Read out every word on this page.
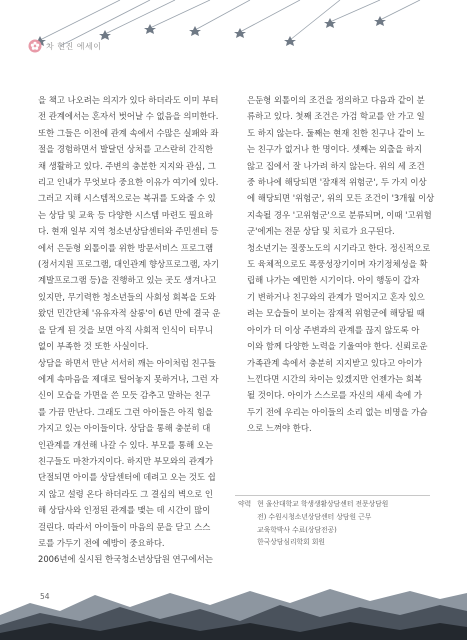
차 현진 에세이

을 책고 나오려는 의지가 있다 하더라도 이미 부터
전 관계에서는 혼자서 벗어날 수 없음을 의미한다.
또한 그들은 이전에 관계 속에서 수많은 실패와 좌
절을 경험하면서 발달던 상처를 고스란히 간직한
채 생활하고 있다. 주변의 충분한 지지와 관심, 그
리고 인내가 무엇보다 중요한 이유가 여기에 있다.
그러고 지해 시스템적으로는 복귀를 도와줄 수 있
는 상담 및 교육 등 다양한 시스템 마련도 필요하
다. 현재 일부 지역 청소년상담센터와 주민센터 등
에서 은둔형 외톨이를 위한 방문서비스 프로그램
(정서지원 프로그램, 대인관계 향상프로그램, 자기
계발프로그램 등)을 진행하고 있는 곳도 생겨나고
있지만, 무기력한 청소년들의 사회성 회복을 도와
왔던 민간단체 '유유자적 살롱'이 6년 만에 결국 운
을 닫게 된 것을 보면 아직 사회적 인식이 터무니
없이 부족한 것 또한 사실이다.

상담을 하면서 만난 서서히 깨는 아이처럼 친구들
에게 속마음을 제대로 털어놓지 못하거나, 그런 자
신이 모습을 가면을 쓴 모듯 감추고 말하는 친구
를 가끔 만난다. 그래도 그런 아이들은 아직 힘을
가지고 있는 아이들이다. 상담을 통해 충분히 대
인관계를 개선해 나갈 수 있다. 부모를 통해 오는
친구들도 마찬가지이다. 하지만 부모와의 관계가
단절되면 아이를 상담센터에 데려고 오는 것도 쉽
지 않고 설령 온다 하더라도 그 결심의 벽으로 인
해 상담사와 인정된 관계를 맺는 데 시간이 많이
걸린다. 따라서 아이들이 마음의 문을 닫고 스스
로를 가두기 전에 예방이 중요하다.

2006년에 실시된 한국청소년상담원 연구에서는

은둔형 외톨이의 조건을 정의하고 다음과 같이 분
류하고 있다. 첫째 조건은 가검 학교를 안 가고 일
도 하지 않는다. 둘째는 현재 친한 친구나 같이 노
는 친구가 없거나 한 명이다. 셋째는 외출을 하지
않고 집에서 잘 나가려 하지 않는다. 위의 세 조건
중 하나에 해당되면 '잠재적 위험군', 두 가지 이상
에 해당되면 '위험군', 위의 모든 조건이 '3개월 이상
지속될 경우 '고위험군'으로 분류되며, 이때 '고위험
군'에게는 전문 상담 및 치료가 요구된다.

청소년기는 질풍노도의 시기라고 한다. 정신적으로
도 육체적으로도 폭풍성장기이며 자기정체성을 확
립해 나가는 예민한 시기이다. 아이 행동이 갑자
기 변하거나 친구와의 관계가 멀어지고 혼자 있으
려는 모습들이 보이는 잠재적 위험군에 해당될 때
아이가 더 이상 주변과의 관계를 끊지 않도록 아
이와 함께 다양한 노력을 기울여야 한다. 신뢰로운
가족관계 속에서 충분히 지지받고 있다고 아이가
느낀다면 시간의 차이는 있겠지만 언젠가는 회복
될 것이다. 아이가 스스로를 자신의 새세 속에 가
두기 전에 우리는 아이들의 소리 없는 비명을 가슴
으로 느껴야 한다.

약력 현 울산대학교 학생생활상담센터 전문상담원
전) 수원시청소년상담센터 상담원 근무
교육학박사 수료(상담전공)
한국상담심리학회 회원
54
